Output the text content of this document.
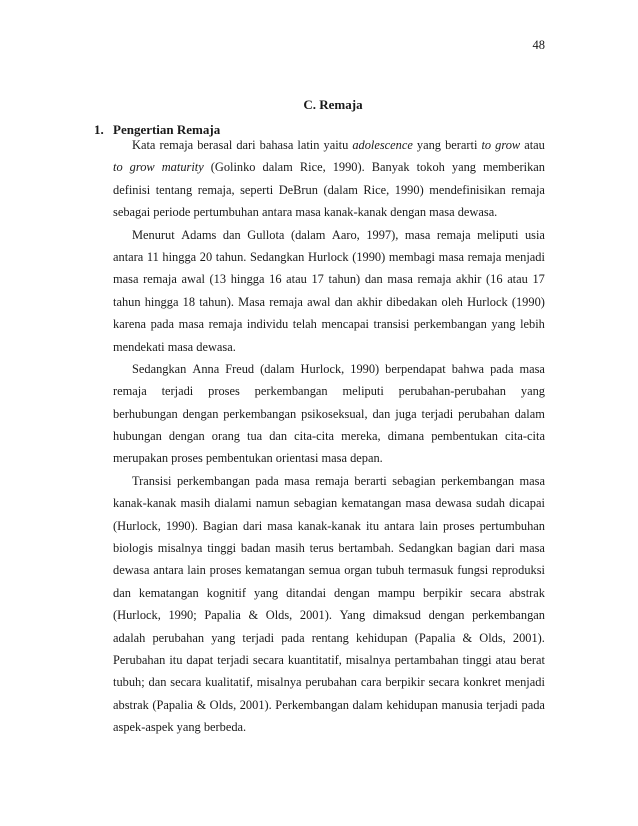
48
C. Remaja
1. Pengertian Remaja
Kata remaja berasal dari bahasa latin yaitu adolescence yang berarti to grow atau
to grow maturity (Golinko dalam Rice, 1990). Banyak tokoh yang memberikan
definisi tentang remaja, seperti DeBrun (dalam Rice, 1990) mendefinisikan remaja
sebagai periode pertumbuhan antara masa kanak-kanak dengan masa dewasa.
Menurut Adams dan Gullota (dalam Aaro, 1997), masa remaja meliputi usia
antara 11 hingga 20 tahun. Sedangkan Hurlock (1990) membagi masa remaja menjadi
masa remaja awal (13 hingga 16 atau 17 tahun) dan masa remaja akhir (16 atau 17
tahun hingga 18 tahun). Masa remaja awal dan akhir dibedakan oleh Hurlock (1990)
karena pada masa remaja individu telah mencapai transisi perkembangan yang lebih
mendekati masa dewasa.
Sedangkan Anna Freud (dalam Hurlock, 1990) berpendapat bahwa pada masa
remaja terjadi proses perkembangan meliputi perubahan-perubahan yang
berhubungan dengan perkembangan psikoseksual, dan juga terjadi perubahan dalam
hubungan dengan orang tua dan cita-cita mereka, dimana pembentukan cita-cita
merupakan proses pembentukan orientasi masa depan.
Transisi perkembangan pada masa remaja berarti sebagian perkembangan masa
kanak-kanak masih dialami namun sebagian kematangan masa dewasa sudah dicapai
(Hurlock, 1990). Bagian dari masa kanak-kanak itu antara lain proses pertumbuhan
biologis misalnya tinggi badan masih terus bertambah. Sedangkan bagian dari masa
dewasa antara lain proses kematangan semua organ tubuh termasuk fungsi reproduksi
dan kematangan kognitif yang ditandai dengan mampu berpikir secara abstrak
(Hurlock, 1990; Papalia & Olds, 2001). Yang dimaksud dengan perkembangan
adalah perubahan yang terjadi pada rentang kehidupan (Papalia & Olds, 2001).
Perubahan itu dapat terjadi secara kuantitatif, misalnya pertambahan tinggi atau berat
tubuh; dan secara kualitatif, misalnya perubahan cara berpikir secara konkret menjadi
abstrak (Papalia & Olds, 2001). Perkembangan dalam kehidupan manusia terjadi pada
aspek-aspek yang berbeda.
